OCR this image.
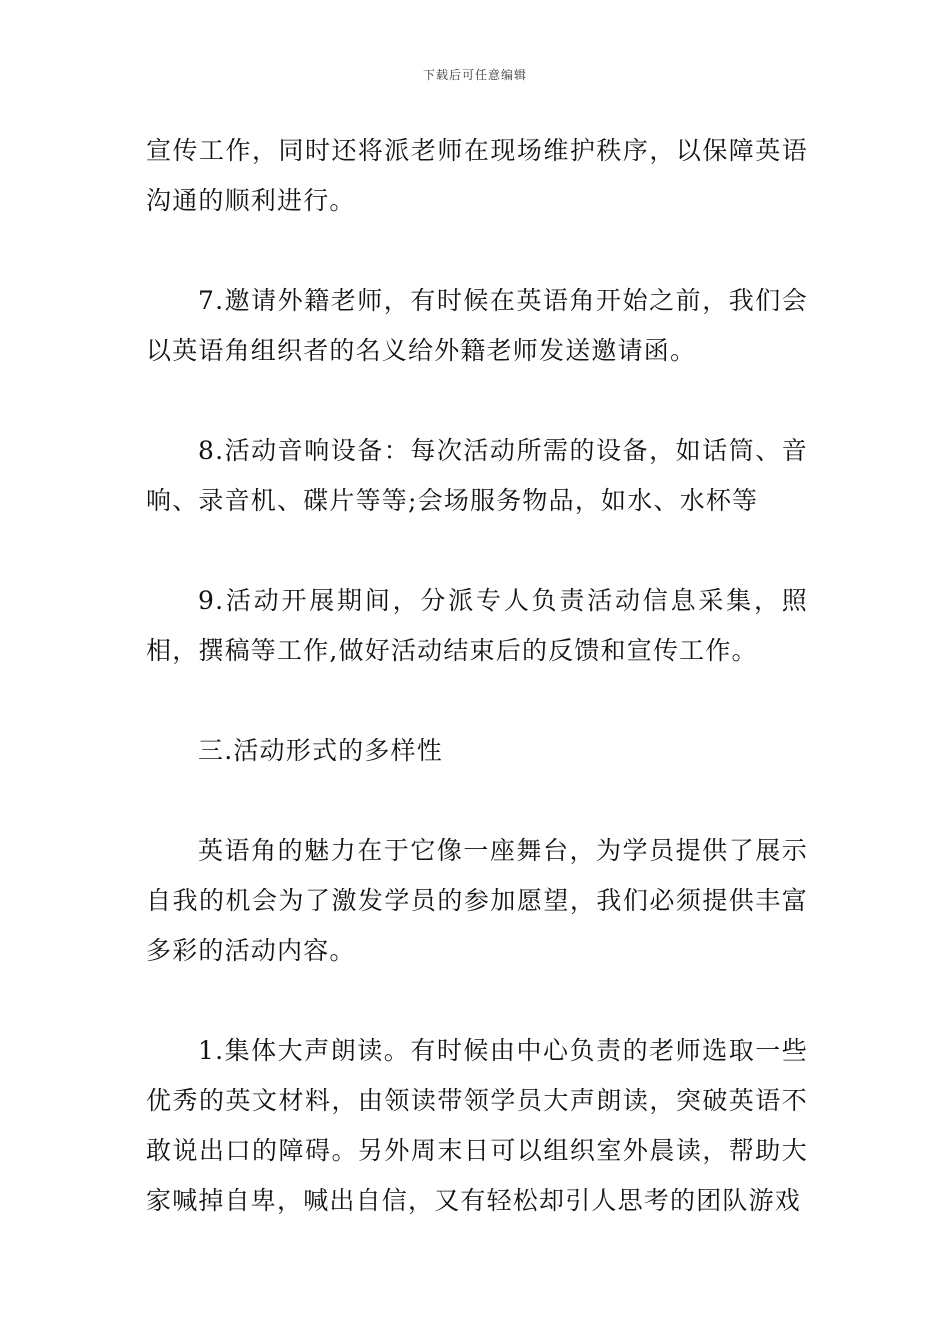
下载后可任意编辑

宣传工作，同时还将派老师在现场维护秩序，以保障英语沟通的顺利进行。

7.邀请外籍老师，有时候在英语角开始之前，我们会以英语角组织者的名义给外籍老师发送邀请函。

8.活动音响设备：每次活动所需的设备，如话筒、音响、录音机、碟片等等;会场服务物品，如水、水杯等

9.活动开展期间，分派专人负责活动信息采集，照相，撰稿等工作,做好活动结束后的反馈和宣传工作。

三.活动形式的多样性

英语角的魅力在于它像一座舞台，为学员提供了展示自我的机会为了激发学员的参加愿望，我们必须提供丰富多彩的活动内容。

1.集体大声朗读。有时候由中心负责的老师选取一些优秀的英文材料，由领读带领学员大声朗读，突破英语不敢说出口的障碍。另外周末日可以组织室外晨读，帮助大家喊掉自卑，喊出自信，又有轻松却引人思考的团队游戏
